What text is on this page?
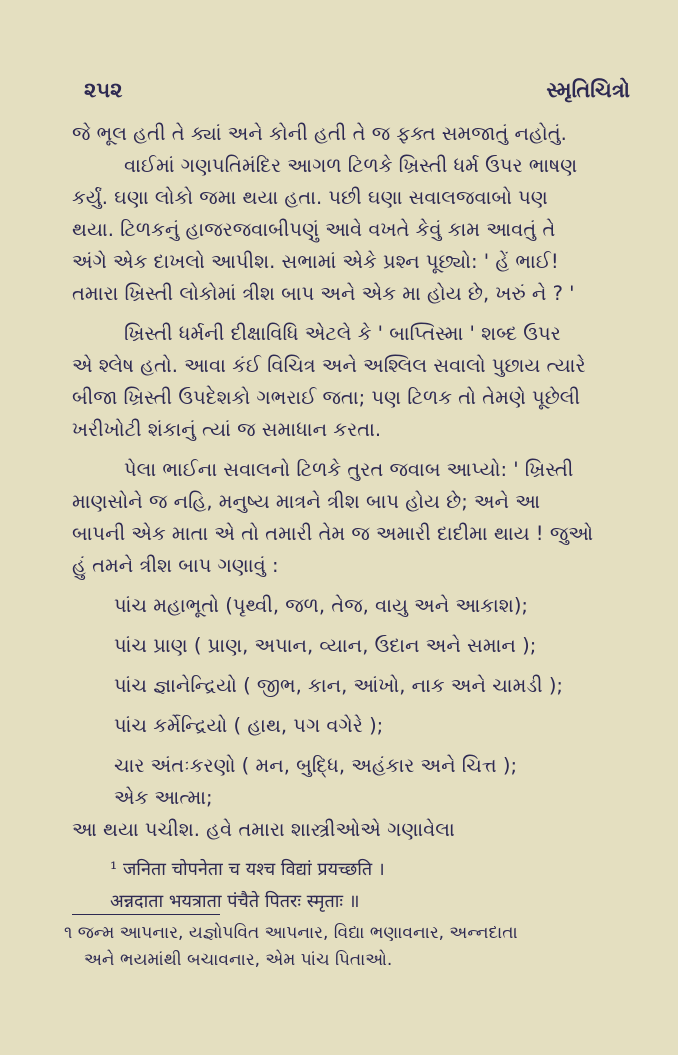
૨૫૨	સ્મૃતિચિત્રો
જે ભૂલ હતી તે ક્યાં અને કોની હતી તે જ ફક્ત સમજાતું નહોતું.
વાઈમાં ગણપતિમંદિર આગળ ટિળકે ખ્રિસ્તી ધર્મ ઉપર ભાષણ
કર્યું. ઘણા લોકો જમા થયા હતા. પછી ઘણા સવાલજવાબો પણ
થયા. ટિળકનું હાજરજવાબીપણું આવે વખતે કેવું કામ આવતું તે
અંગે એક દાખલો આપીશ. સભામાં એકે પ્રશ્ન પૂછ્યો: ' હેં ભાઈ!
તમારા ખ્રિસ્તી લોકોમાં ત્રીશ બાપ અને એક મા હોય છે, ખરું ને ? '
ખ્રિસ્તી ધર્મની દીક્ષાવિધિ એટલે કે ' બાપ્તિસ્મા ' શબ્દ ઉપર
એ શ્લેષ હતો. આવા કંઈ વિચિત્ર અને અશ્લિલ સવાલો પુછાય ત્યારે
બીજા ખ્રિસ્તી ઉપદેશકો ગભરાઈ જતા; પણ ટિળક તો તેમણે પૂછેલી
ખરીખોટી શંકાનું ત્યાં જ સમાધાન કરતા.
પેલા ભાઈના સવાલનો ટિળકે તુરત જવાબ આપ્યો: ' ખ્રિસ્તી
માણસોને જ નહિ, મનુષ્ય માત્રને ત્રીશ બાપ હોય છે; અને આ
બાપની એક માતા એ તો તમારી તેમ જ અમારી દાદીમા થાય ! જુઓ
હું તમને ત્રીશ બાપ ગણાવું :
પાંચ મહાભૂતો (પૃથ્વી, જળ, તેજ, વાયુ અને આકાશ);
પાંચ પ્રાણ ( પ્રાણ, અપાન, વ્યાન, ઉદાન અને સમાન );
પાંચ જ્ઞાનેન્દ્રિયો ( જીભ, કાન, આંખો, નાક અને ચામડી );
પાંચ કર્મેન્દ્રિયો ( હાથ, પગ વગેરે );
ચાર અંતઃકરણો ( મન, બુદ્ધિ, અહંકાર અને ચિત્ત );
એક આત્મા;
આ થયા પચીશ. હવે તમારા શાસ્ત્રીઓએ ગણાવેલા
¹ जनिता चोपनेता च यश्च विद्यां प्रयच्छति ।
अन्नदाता भयत्राता पंचैते पितरः स्मृताः ॥
૧ જન્મ આપનાર, યજ્ઞોપવિત આપનાર, વિદ્યા ભણાવનાર, અન્નદાતા
અને ભયમાંથી બચાવનાર, એમ પાંચ પિતાઓ.
